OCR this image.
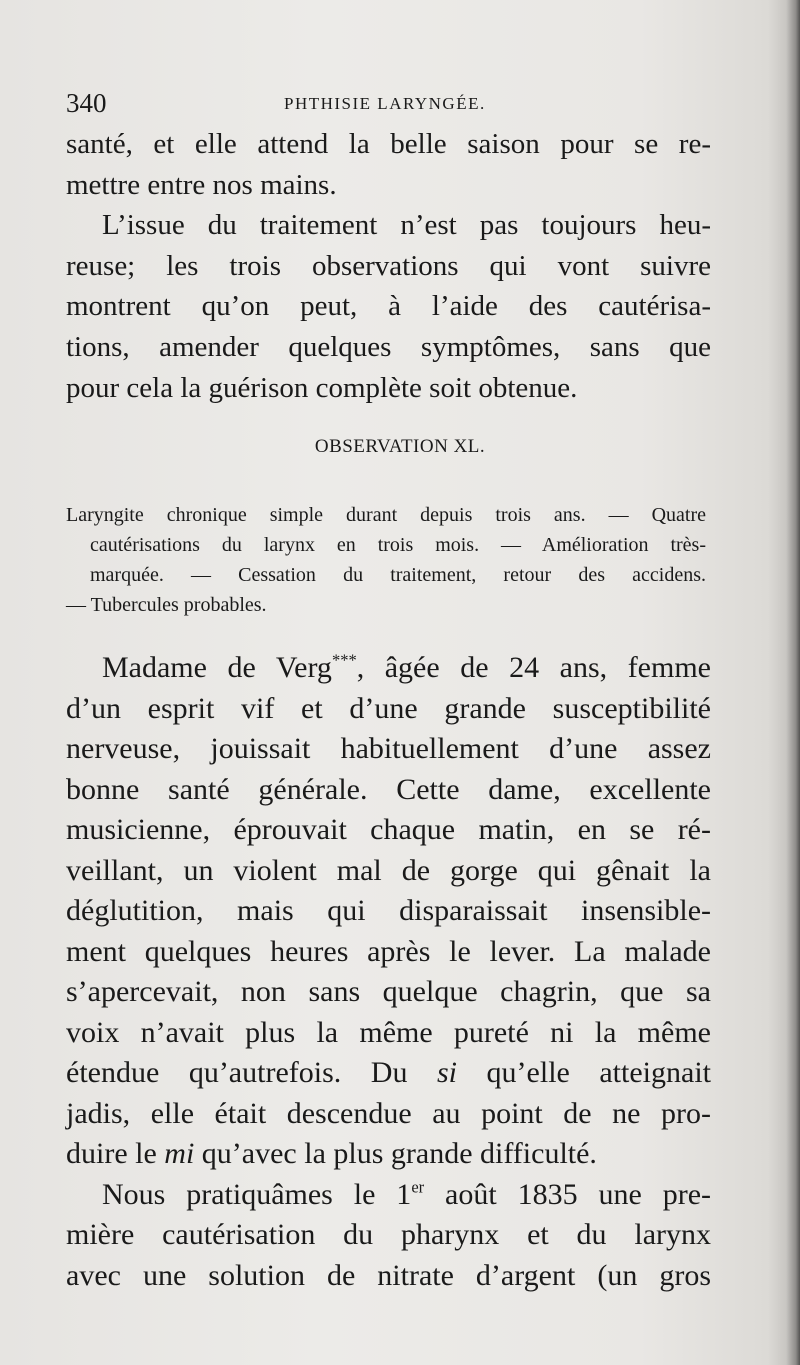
340	PHTHISIE LARYNGÉE.
santé, et elle attend la belle saison pour se re-
mettre entre nos mains.
L’issue du traitement n’est pas toujours heu-
reuse; les trois observations qui vont suivre
montrent qu’on peut, à l’aide des cautérisa-
tions, amender quelques symptômes, sans que
pour cela la guérison complète soit obtenue.
OBSERVATION XL.
Laryngite chronique simple durant depuis trois ans. — Quatre
cautérisations du larynx en trois mois. — Amélioration très-
marquée. — Cessation du traitement, retour des accidens.
— Tubercules probables.
Madame de Verg***, âgée de 24 ans, femme
d’un esprit vif et d’une grande susceptibilité
nerveuse, jouissait habituellement d’une assez
bonne santé générale. Cette dame, excellente
musicienne, éprouvait chaque matin, en se ré-
veillant, un violent mal de gorge qui gênait la
déglutition, mais qui disparaissait insensible-
ment quelques heures après le lever. La malade
s’apercevait, non sans quelque chagrin, que sa
voix n’avait plus la même pureté ni la même
étendue qu’autrefois. Du si qu’elle atteignait
jadis, elle était descendue au point de ne pro-
duire le mi qu’avec la plus grande difficulté.
Nous pratiquâmes le 1er août 1835 une pre-
mière cautérisation du pharynx et du larynx
avec une solution de nitrate d’argent (un gros
